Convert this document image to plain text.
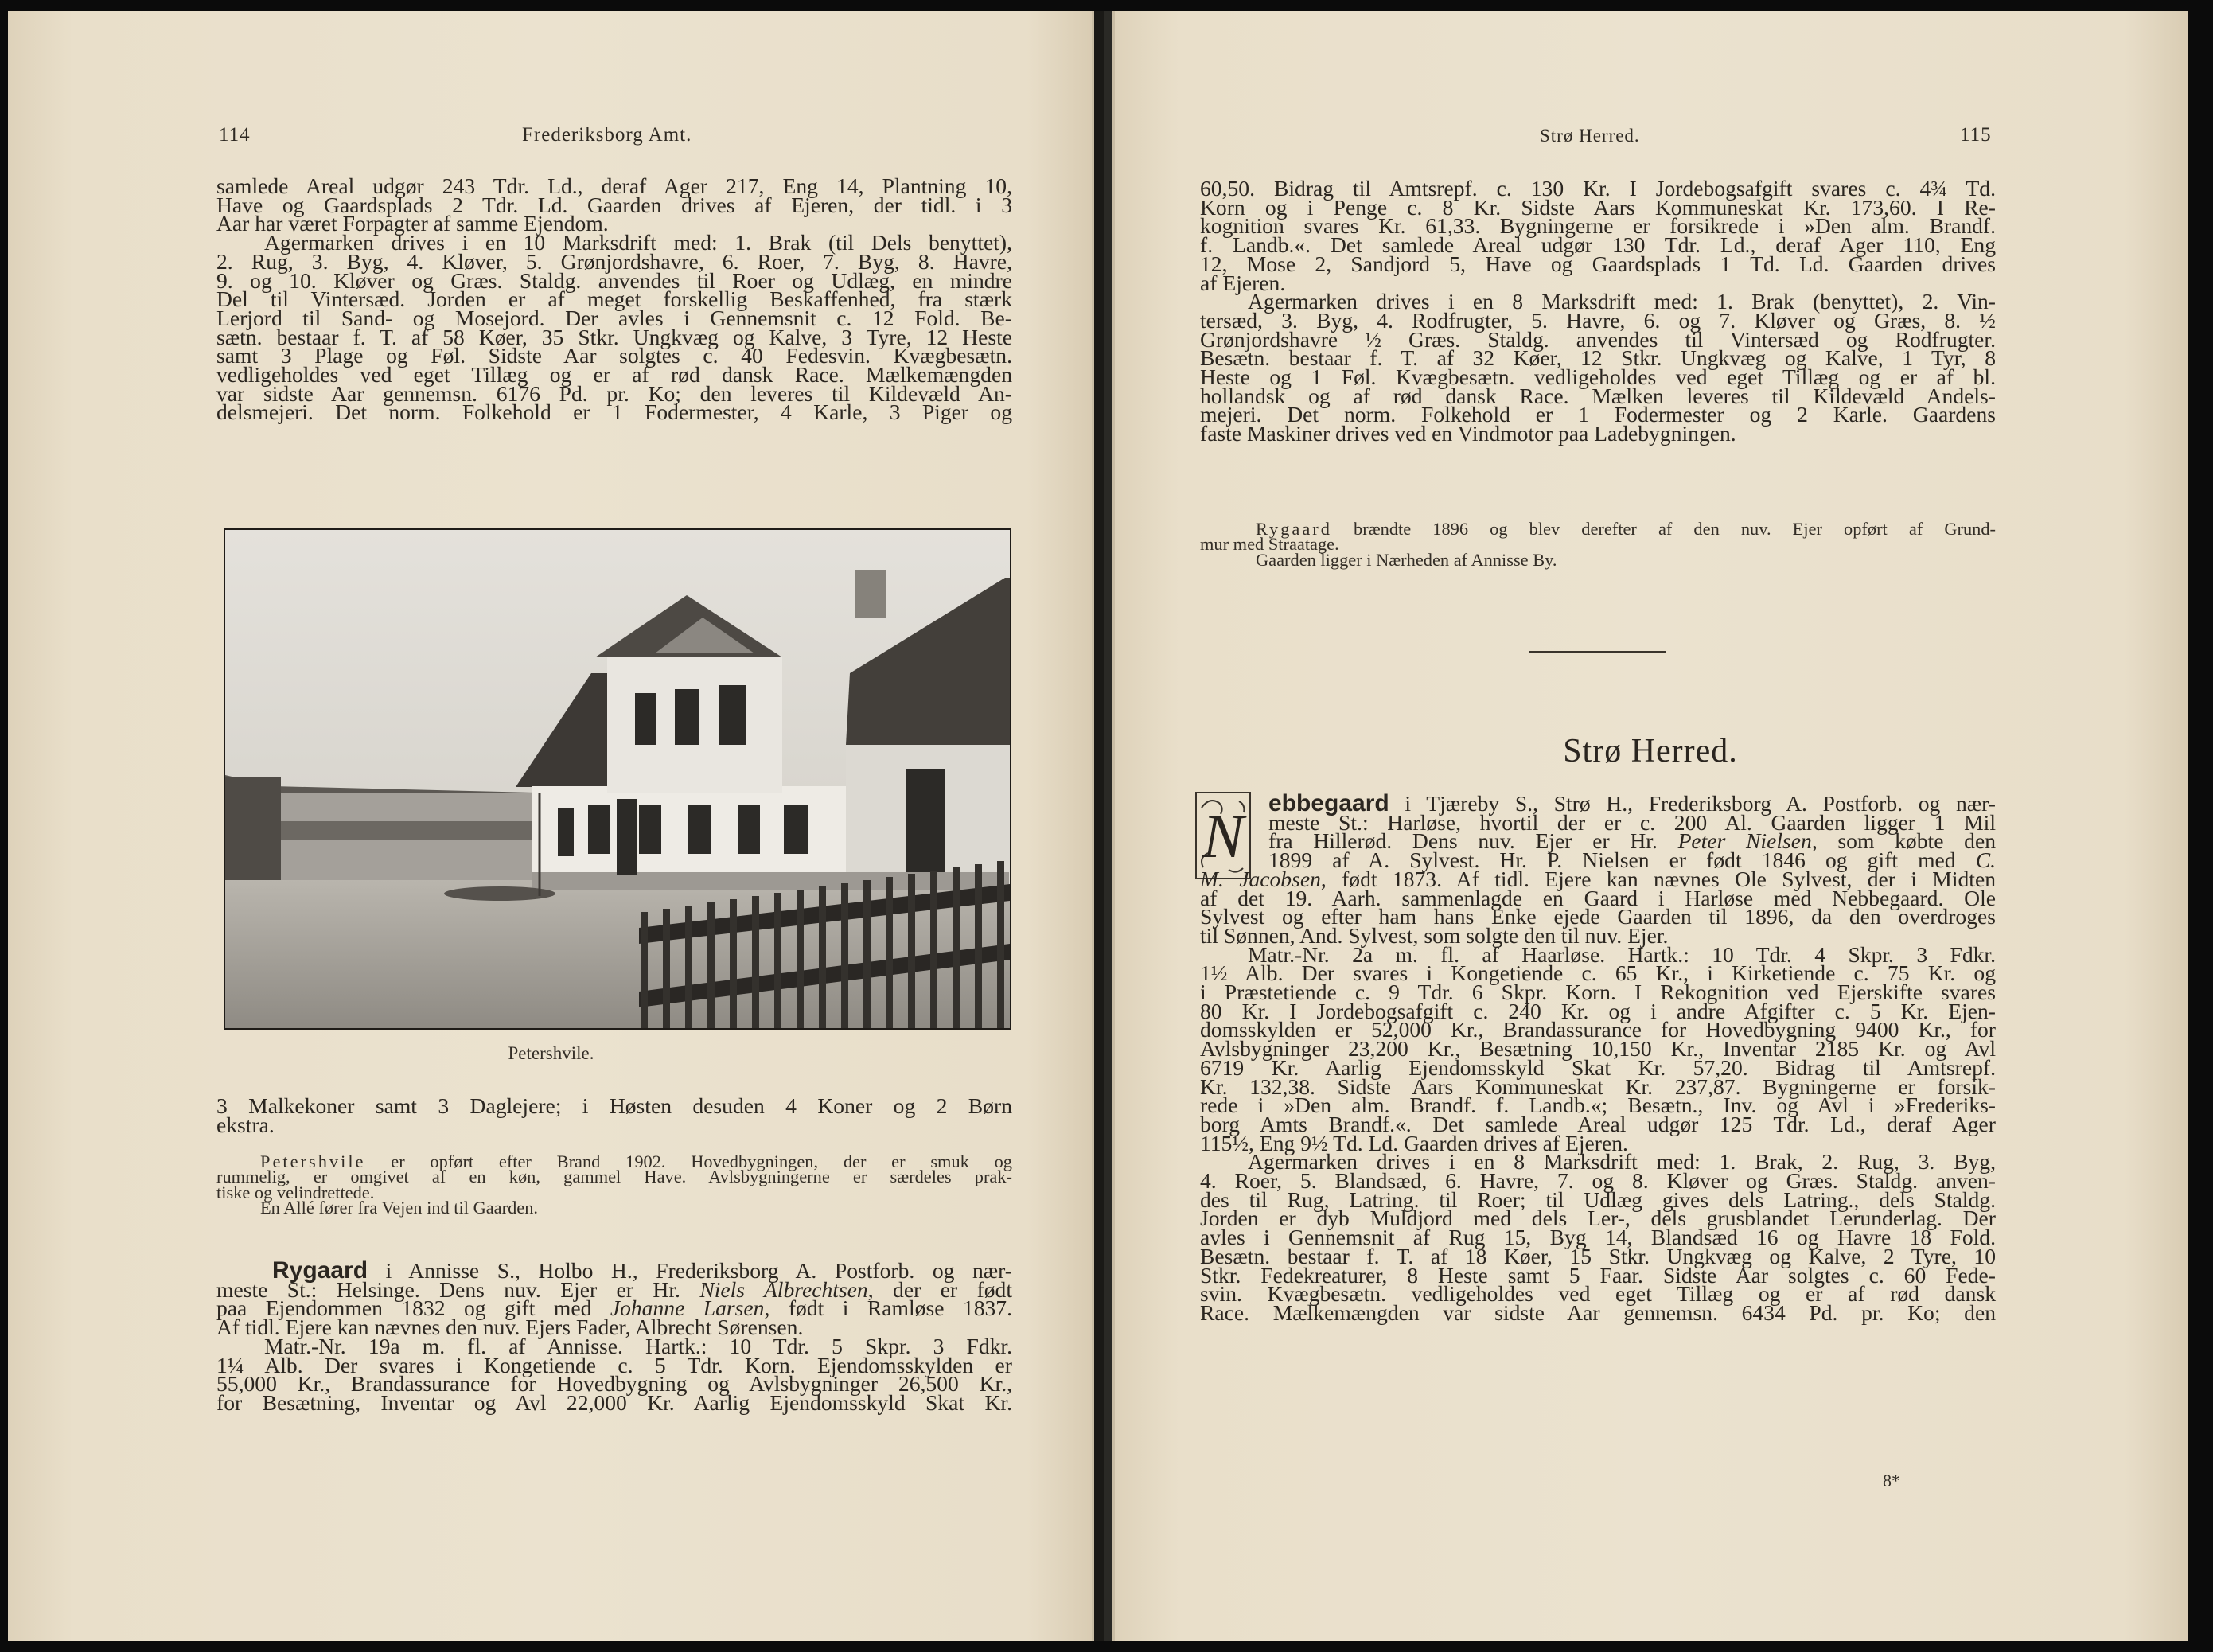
114	Frederiksborg Amt.

samlede Areal udgør 243 Tdr. Ld., deraf Ager 217, Eng 14, Plantning 10,

Have og Gaardsplads 2 Tdr. Ld. Gaarden drives af Ejeren, der tidl. i 3

Aar har været Forpagter af samme Ejendom.

Agermarken drives i en 10 Marksdrift med: 1. Brak (til Dels benyttet),

2. Rug, 3. Byg, 4. Kløver, 5. Grønjordshavre, 6. Roer, 7. Byg, 8. Havre,

9. og 10. Kløver og Græs. Staldg. anvendes til Roer og Udlæg, en mindre

Del til Vintersæd. Jorden er af meget forskellig Beskaffenhed, fra stærk

Lerjord til Sand- og Mosejord. Der avles i Gennemsnit c. 12 Fold. Be-

sætn. bestaar f. T. af 58 Køer, 35 Stkr. Ungkvæg og Kalve, 3 Tyre, 12 Heste

samt 3 Plage og Føl. Sidste Aar solgtes c. 40 Fedesvin. Kvægbesætn.

vedligeholdes ved eget Tillæg og er af rød dansk Race. Mælkemængden

var sidste Aar gennemsn. 6176 Pd. pr. Ko; den leveres til Kildevæld An-

delsmejeri. Det norm. Folkehold er 1 Fodermester, 4 Karle, 3 Piger og

Petershvile.

3 Malkekoner samt 3 Daglejere; i Høsten desuden 4 Koner og 2 Børn

ekstra.

Petershvile er opført efter Brand 1902. Hovedbygningen, der er smuk og

rummelig, er omgivet af en køn, gammel Have. Avlsbygningerne er særdeles prak-

tiske og velindrettede.

En Allé fører fra Vejen ind til Gaarden.

Rygaard i Annisse S., Holbo H., Frederiksborg A. Postforb. og nær-

meste St.: Helsinge. Dens nuv. Ejer er Hr. Niels Albrechtsen, der er født

paa Ejendommen 1832 og gift med Johanne Larsen, født i Ramløse 1837.

Af tidl. Ejere kan nævnes den nuv. Ejers Fader, Albrecht Sørensen.

Matr.-Nr. 19a m. fl. af Annisse. Hartk.: 10 Tdr. 5 Skpr. 3 Fdkr.

1¼ Alb. Der svares i Kongetiende c. 5 Tdr. Korn. Ejendomsskylden er

55,000 Kr., Brandassurance for Hovedbygning og Avlsbygninger 26,500 Kr.,

for Besætning, Inventar og Avl 22,000 Kr. Aarlig Ejendomsskyld Skat Kr.

Strø Herred.	115

60,50. Bidrag til Amtsrepf. c. 130 Kr. I Jordebogsafgift svares c. 4¾ Td.

Korn og i Penge c. 8 Kr. Sidste Aars Kommuneskat Kr. 173,60. I Re-

kognition svares Kr. 61,33. Bygningerne er forsikrede i »Den alm. Brandf.

f. Landb.«. Det samlede Areal udgør 130 Tdr. Ld., deraf Ager 110, Eng

12, Mose 2, Sandjord 5, Have og Gaardsplads 1 Td. Ld. Gaarden drives

af Ejeren.

Agermarken drives i en 8 Marksdrift med: 1. Brak (benyttet), 2. Vin-

tersæd, 3. Byg, 4. Rodfrugter, 5. Havre, 6. og 7. Kløver og Græs, 8. ½

Grønjordshavre ½ Græs. Staldg. anvendes til Vintersæd og Rodfrugter.

Besætn. bestaar f. T. af 32 Køer, 12 Stkr. Ungkvæg og Kalve, 1 Tyr, 8

Heste og 1 Føl. Kvægbesætn. vedligeholdes ved eget Tillæg og er af bl.

hollandsk og af rød dansk Race. Mælken leveres til Kildevæld Andels-

mejeri. Det norm. Folkehold er 1 Fodermester og 2 Karle. Gaardens

faste Maskiner drives ved en Vindmotor paa Ladebygningen.

Rygaard brændte 1896 og blev derefter af den nuv. Ejer opført af Grund-

mur med Straatage.

Gaarden ligger i Nærheden af Annisse By.

Strø Herred.
N	ebbegaard i Tjæreby S., Strø H., Frederiksborg A. Postforb. og nær-

meste St.: Harløse, hvortil der er c. 200 Al. Gaarden ligger 1 Mil

fra Hillerød. Dens nuv. Ejer er Hr. Peter Nielsen, som købte den

1899 af A. Sylvest. Hr. P. Nielsen er født 1846 og gift med C.

M. Jacobsen, født 1873. Af tidl. Ejere kan nævnes Ole Sylvest, der i Midten

af det 19. Aarh. sammenlagde en Gaard i Harløse med Nebbegaard. Ole

Sylvest og efter ham hans Enke ejede Gaarden til 1896, da den overdroges

til Sønnen, And. Sylvest, som solgte den til nuv. Ejer.

Matr.-Nr. 2a m. fl. af Haarløse. Hartk.: 10 Tdr. 4 Skpr. 3 Fdkr.

1½ Alb. Der svares i Kongetiende c. 65 Kr., i Kirketiende c. 75 Kr. og

i Præstetiende c. 9 Tdr. 6 Skpr. Korn. I Rekognition ved Ejerskifte svares

80 Kr. I Jordebogsafgift c. 240 Kr. og i andre Afgifter c. 5 Kr. Ejen-

domsskylden er 52,000 Kr., Brandassurance for Hovedbygning 9400 Kr., for

Avlsbygninger 23,200 Kr., Besætning 10,150 Kr., Inventar 2185 Kr. og Avl

6719 Kr. Aarlig Ejendomsskyld Skat Kr. 57,20. Bidrag til Amtsrepf.

Kr. 132,38. Sidste Aars Kommuneskat Kr. 237,87. Bygningerne er forsik-

rede i »Den alm. Brandf. f. Landb.«; Besætn., Inv. og Avl i »Frederiks-

borg Amts Brandf.«. Det samlede Areal udgør 125 Tdr. Ld., deraf Ager

115½, Eng 9½ Td. Ld. Gaarden drives af Ejeren.

Agermarken drives i en 8 Marksdrift med: 1. Brak, 2. Rug, 3. Byg,

4. Roer, 5. Blandsæd, 6. Havre, 7. og 8. Kløver og Græs. Staldg. anven-

des til Rug, Latring. til Roer; til Udlæg gives dels Latring., dels Staldg.

Jorden er dyb Muldjord med dels Ler-, dels grusblandet Lerunderlag. Der

avles i Gennemsnit af Rug 15, Byg 14, Blandsæd 16 og Havre 18 Fold.

Besætn. bestaar f. T. af 18 Køer, 15 Stkr. Ungkvæg og Kalve, 2 Tyre, 10

Stkr. Fedekreaturer, 8 Heste samt 5 Faar. Sidste Aar solgtes c. 60 Fede-

svin. Kvægbesætn. vedligeholdes ved eget Tillæg og er af rød dansk

Race. Mælkemængden var sidste Aar gennemsn. 6434 Pd. pr. Ko; den

8*
